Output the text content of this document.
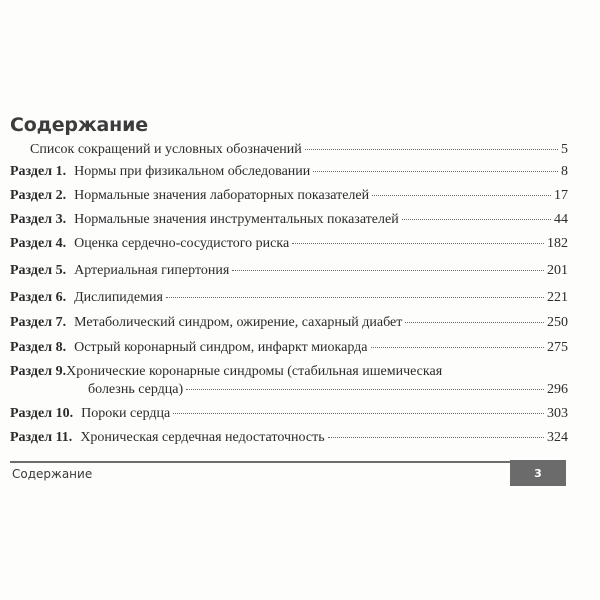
Содержание
Список сокращений и условных обозначений	5
Раздел 1. Нормы при физикальном обследовании	8
Раздел 2. Нормальные значения лабораторных показателей	17
Раздел 3. Нормальные значения инструментальных показателей	44
Раздел 4. Оценка сердечно-сосудистого риска	182
Раздел 5. Артериальная гипертония	201
Раздел 6. Дислипидемия	221
Раздел 7. Метаболический синдром, ожирение, сахарный диабет	250
Раздел 8. Острый коронарный синдром, инфаркт миокарда	275
Раздел 9.Хронические коронарные синдромы (стабильная ишемическая
болезнь сердца)	296
Раздел 10. Пороки сердца	303
Раздел 11. Хроническая сердечная недостаточность	324
Содержание	3
